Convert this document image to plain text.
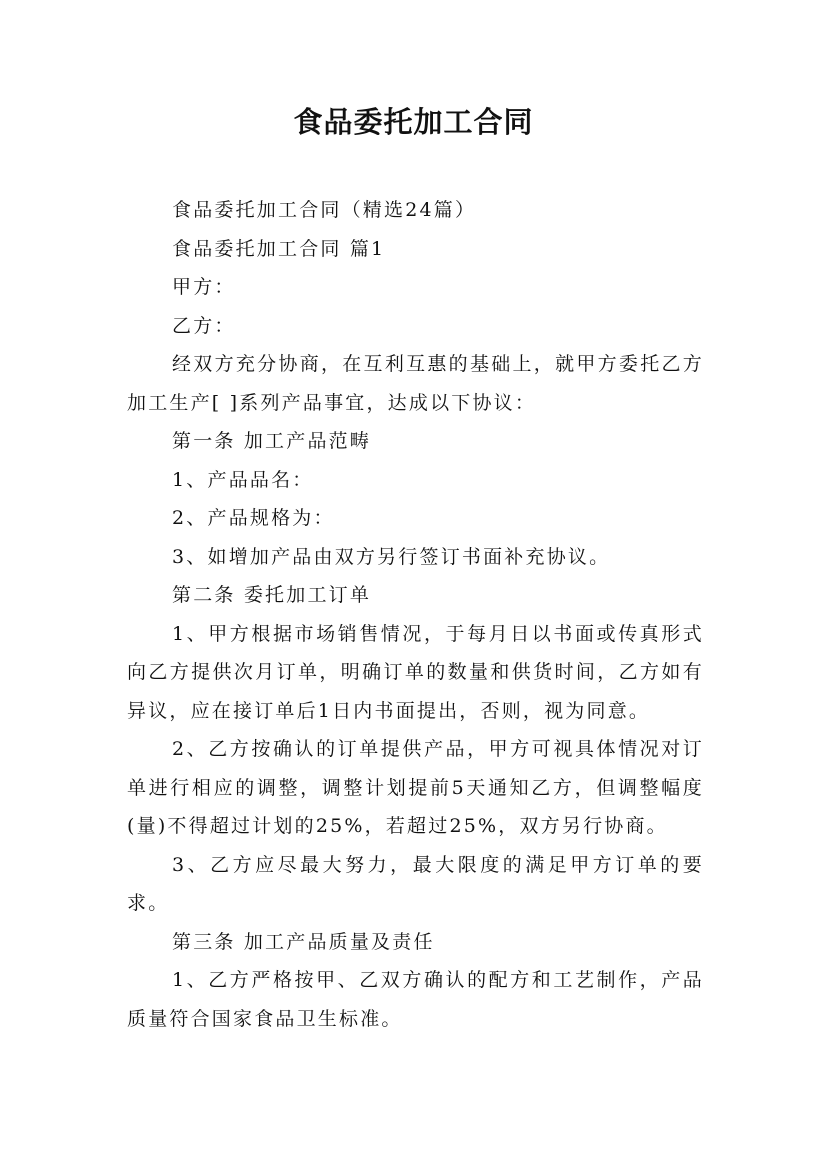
食品委托加工合同

食品委托加工合同（精选24篇）

食品委托加工合同 篇1

甲方：

乙方：

经双方充分协商，在互利互惠的基础上，就甲方委托乙方加工生产[ ]系列产品事宜，达成以下协议：

第一条 加工产品范畴

1、产品品名：

2、产品规格为：

3、如增加产品由双方另行签订书面补充协议。

第二条 委托加工订单

1、甲方根据市场销售情况，于每月日以书面或传真形式向乙方提供次月订单，明确订单的数量和供货时间，乙方如有异议，应在接订单后1日内书面提出，否则，视为同意。

2、乙方按确认的订单提供产品，甲方可视具体情况对订单进行相应的调整，调整计划提前5天通知乙方，但调整幅度(量)不得超过计划的25%，若超过25%，双方另行协商。

3、乙方应尽最大努力，最大限度的满足甲方订单的要求。

第三条 加工产品质量及责任

1、乙方严格按甲、乙双方确认的配方和工艺制作，产品质量符合国家食品卫生标准。
